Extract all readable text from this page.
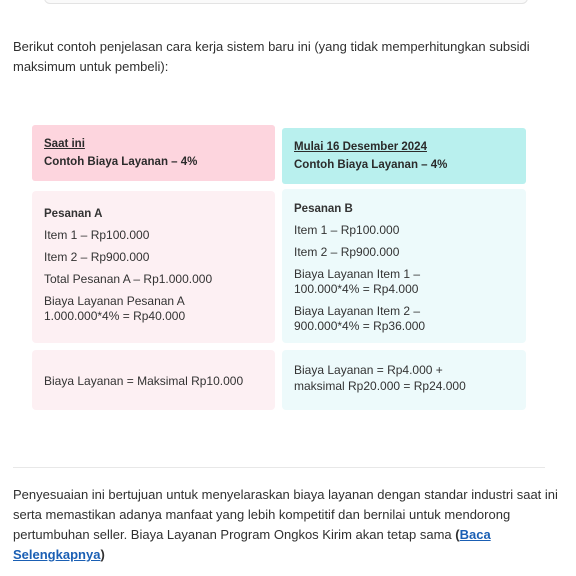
Berikut contoh penjelasan cara kerja sistem baru ini (yang tidak memperhitungkan subsidi maksimum untuk pembeli):
Saat ini
Contoh Biaya Layanan – 4%
Pesanan A
Item 1 – Rp100.000
Item 2 – Rp900.000
Total Pesanan A – Rp1.000.000
Biaya Layanan Pesanan A
1.000.000*4% = Rp40.000
Biaya Layanan = Maksimal Rp10.000
Mulai 16 Desember 2024
Contoh Biaya Layanan – 4%
Pesanan B
Item 1 – Rp100.000
Item 2 – Rp900.000
Biaya Layanan Item 1 –
100.000*4% = Rp4.000
Biaya Layanan Item 2 –
900.000*4% = Rp36.000
Biaya Layanan = Rp4.000 +
maksimal Rp20.000 = Rp24.000
Penyesuaian ini bertujuan untuk menyelaraskan biaya layanan dengan standar industri saat ini serta memastikan adanya manfaat yang lebih kompetitif dan bernilai untuk mendorong pertumbuhan seller. Biaya Layanan Program Ongkos Kirim akan tetap sama (Baca Selengkapnya)
